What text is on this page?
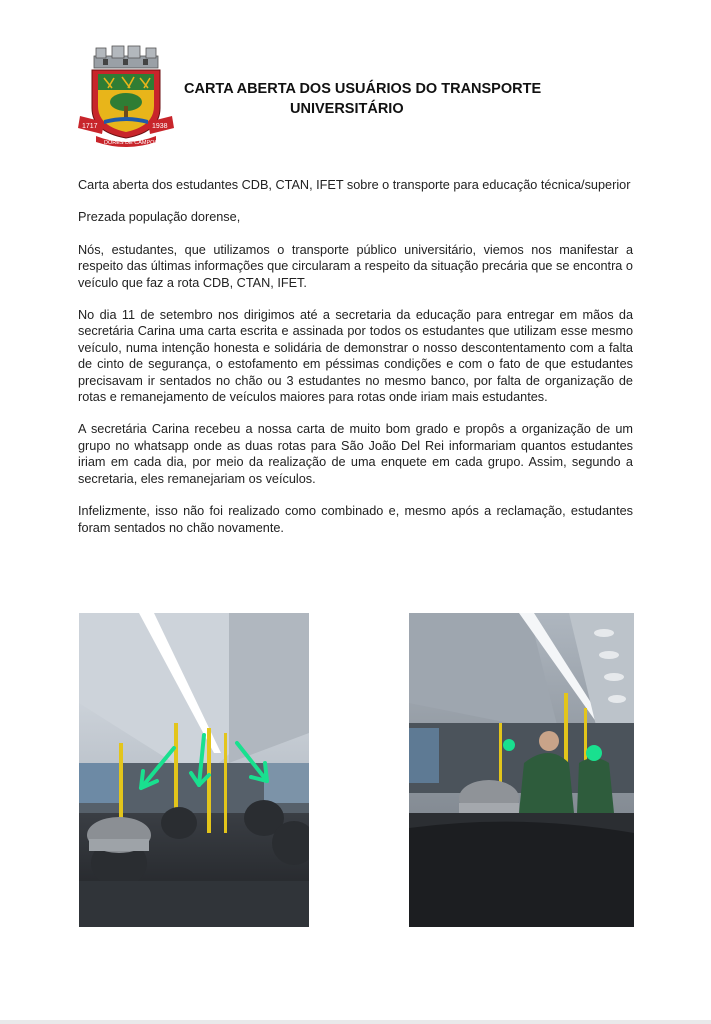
1717	1938
DORES DE CAMPOS
CARTA ABERTA DOS USUÁRIOS DO TRANSPORTE
UNIVERSITÁRIO

Carta aberta dos estudantes CDB, CTAN, IFET sobre o transporte para educação técnica/superior

Prezada população dorense,

Nós, estudantes, que utilizamos o transporte público universitário, viemos nos manifestar a respeito das últimas informações que circularam a respeito da situação precária que se encontra o veículo que faz a rota CDB, CTAN, IFET.

No dia 11 de setembro nos dirigimos até a secretaria da educação para entregar em mãos da secretária Carina uma carta escrita e assinada por todos os estudantes que utilizam esse mesmo veículo, numa intenção honesta e solidária de demonstrar o nosso descontentamento com a falta de cinto de segurança, o estofamento em péssimas condições e com o fato de que estudantes precisavam ir sentados no chão ou 3 estudantes no mesmo banco, por falta de organização de rotas e remanejamento de veículos maiores para rotas onde iriam mais estudantes.

A secretária Carina recebeu a nossa carta de muito bom grado e propôs a organização de um grupo no whatsapp onde as duas rotas para São João Del Rei informariam quantos estudantes iriam em cada dia, por meio da realização de uma enquete em cada grupo. Assim, segundo a secretaria, eles remanejariam os veículos.

Infelizmente, isso não foi realizado como combinado e, mesmo após a reclamação, estudantes foram sentados no chão novamente.
